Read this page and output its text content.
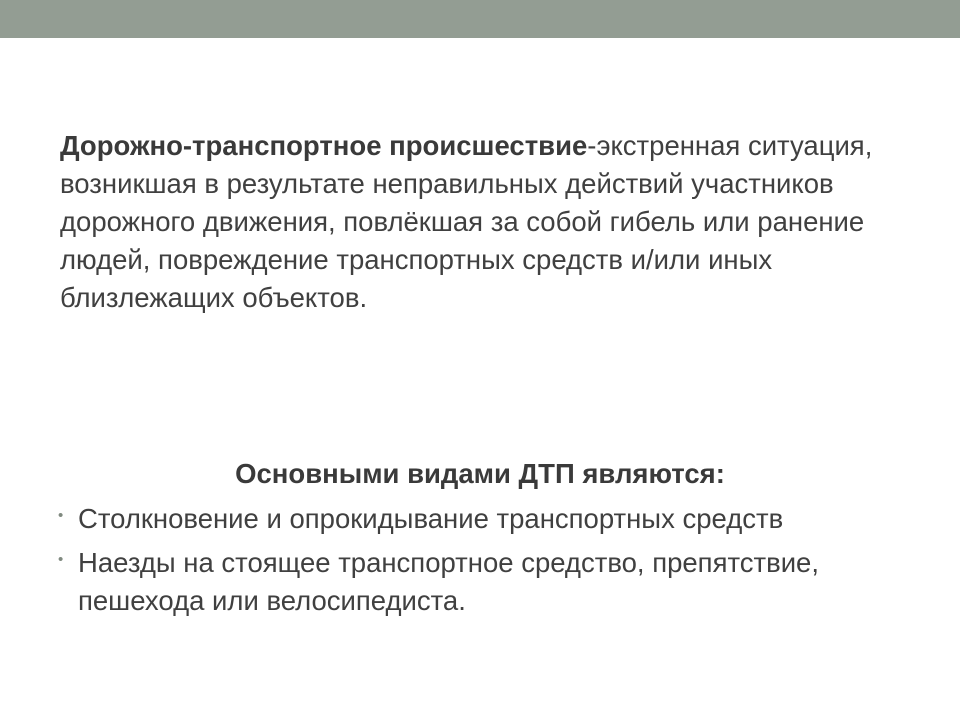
Дорожно-транспортное происшествие-экстренная ситуация, возникшая в результате неправильных действий участников дорожного движения, повлёкшая за собой гибель или ранение людей, повреждение транспортных средств и/или иных близлежащих объектов.

Основными видами ДТП являются:

• Столкновение и опрокидывание транспортных средств
• Наезды на стоящее транспортное средство, препятствие, пешехода или велосипедиста.
